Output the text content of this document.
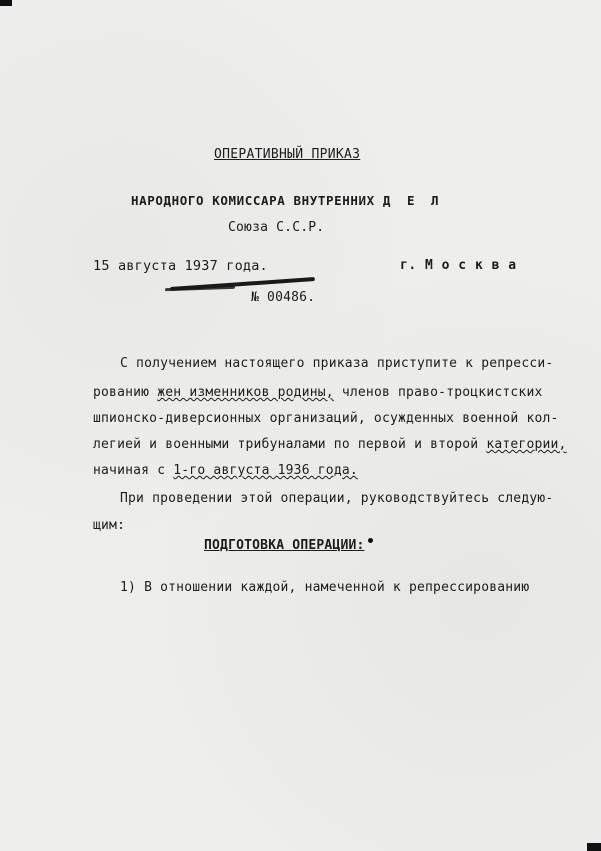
ОПЕРАТИВНЫЙ ПРИКАЗ
НАРОДНОГО КОМИССАРА ВНУТРЕННИХ Д Е Л
Союза С.С.Р.
15 августа 1937 года.	г. М о с к в а
№ 00486.
С получением настоящего приказа приступите к репресси-
рованию жен изменников родины, членов право-троцкистских
шпионско-диверсионных организаций, осужденных военной кол-
легией и военными трибуналами по первой и второй категории,
начиная с 1-го августа 1936 года.
При проведении этой операции, руководствуйтесь следую-
щим:
ПОДГОТОВКА ОПЕРАЦИИ:
1) В отношении каждой, намеченной к репрессированию
